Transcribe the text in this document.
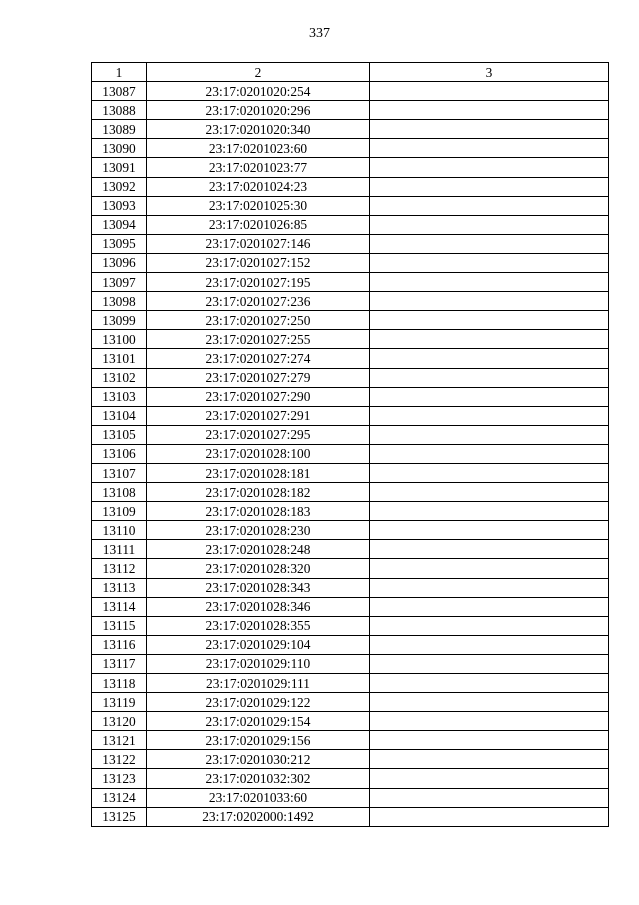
337
1	2	3
13087	23:17:0201020:254	
13088	23:17:0201020:296	
13089	23:17:0201020:340	
13090	23:17:0201023:60	
13091	23:17:0201023:77	
13092	23:17:0201024:23	
13093	23:17:0201025:30	
13094	23:17:0201026:85	
13095	23:17:0201027:146	
13096	23:17:0201027:152	
13097	23:17:0201027:195	
13098	23:17:0201027:236	
13099	23:17:0201027:250	
13100	23:17:0201027:255	
13101	23:17:0201027:274	
13102	23:17:0201027:279	
13103	23:17:0201027:290	
13104	23:17:0201027:291	
13105	23:17:0201027:295	
13106	23:17:0201028:100	
13107	23:17:0201028:181	
13108	23:17:0201028:182	
13109	23:17:0201028:183	
13110	23:17:0201028:230	
13111	23:17:0201028:248	
13112	23:17:0201028:320	
13113	23:17:0201028:343	
13114	23:17:0201028:346	
13115	23:17:0201028:355	
13116	23:17:0201029:104	
13117	23:17:0201029:110	
13118	23:17:0201029:111	
13119	23:17:0201029:122	
13120	23:17:0201029:154	
13121	23:17:0201029:156	
13122	23:17:0201030:212	
13123	23:17:0201032:302	
13124	23:17:0201033:60	
13125	23:17:0202000:1492	
